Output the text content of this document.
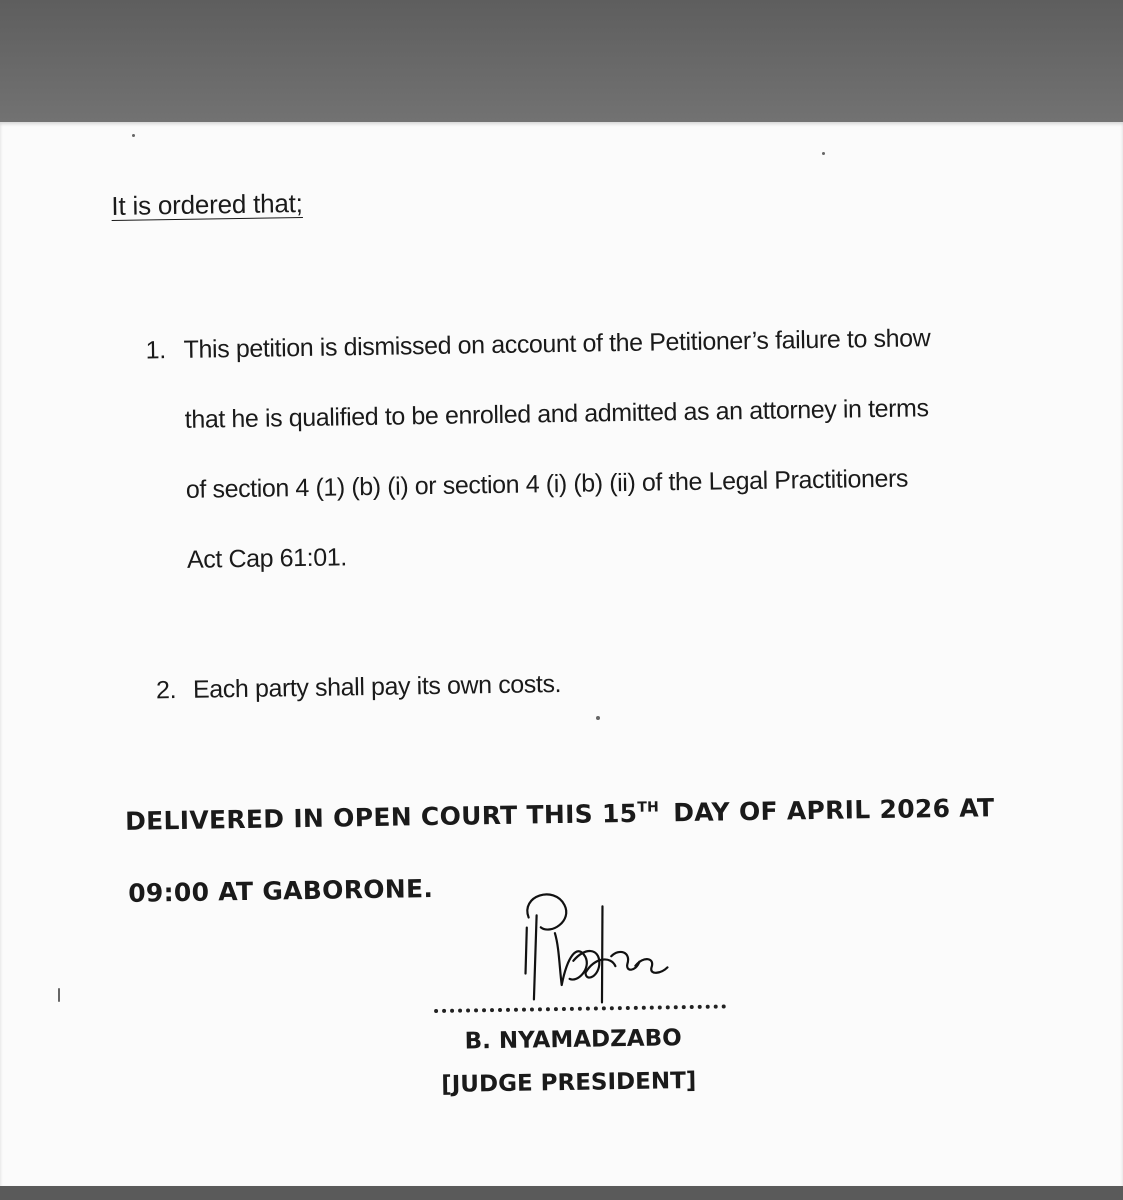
It is ordered that;
1. This petition is dismissed on account of the Petitioner’s failure to show
that he is qualified to be enrolled and admitted as an attorney in terms
of section 4 (1) (b) (i) or section 4 (i) (b) (ii) of the Legal Practitioners
Act Cap 61:01.
2. Each party shall pay its own costs.
DELIVERED IN OPEN COURT THIS 15TH DAY OF APRIL 2026 AT
09:00 AT GABORONE.
B. NYAMADZABO
[JUDGE PRESIDENT]
